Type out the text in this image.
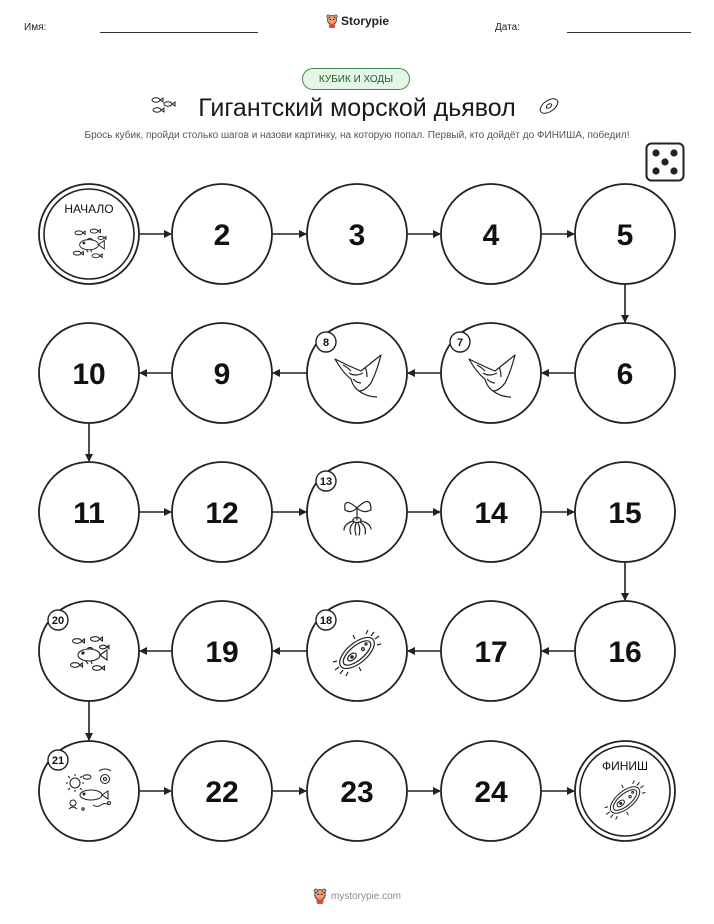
Имя:	Storypie	Дата:
КУБИК И ХОДЫ
Гигантский морской дьявол
Брось кубик, пройди столько шагов и назови картинку, на которую попал. Первый, кто дойдёт до ФИНИША, победил!
НАЧАЛО
2	3	4	5
6
7
8
9
10
11	12
13
14	15
16
17
18
19
20
21
22	23	24
ФИНИШ
mystorypie.com
